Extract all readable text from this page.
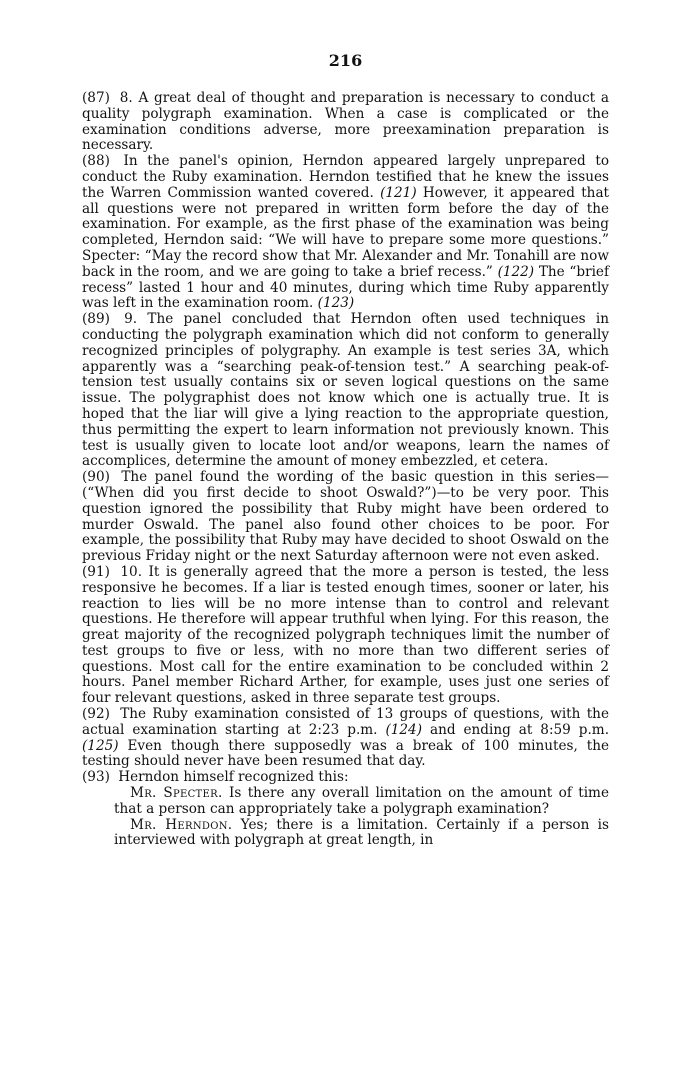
216

(87) 8. A great deal of thought and preparation is necessary to conduct a quality polygraph examination. When a case is complicated or the examination conditions adverse, more preexamination preparation is necessary.

(88) In the panel's opinion, Herndon appeared largely unprepared to conduct the Ruby examination. Herndon testified that he knew the issues the Warren Commission wanted covered. (121) However, it appeared that all questions were not prepared in written form before the day of the examination. For example, as the first phase of the examination was being completed, Herndon said: “We will have to prepare some more questions.” Specter: “May the record show that Mr. Alexander and Mr. Tonahill are now back in the room, and we are going to take a brief recess.” (122) The “brief recess” lasted 1 hour and 40 minutes, during which time Ruby apparently was left in the examination room. (123)

(89) 9. The panel concluded that Herndon often used techniques in conducting the polygraph examination which did not conform to generally recognized principles of polygraphy. An example is test series 3A, which apparently was a “searching peak-of-tension test.” A searching peak-of-tension test usually contains six or seven logical questions on the same issue. The polygraphist does not know which one is actually true. It is hoped that the liar will give a lying reaction to the appropriate question, thus permitting the expert to learn information not previously known. This test is usually given to locate loot and/or weapons, learn the names of accomplices, determine the amount of money embezzled, et cetera.

(90) The panel found the wording of the basic question in this series—(“When did you first decide to shoot Oswald?”)—to be very poor. This question ignored the possibility that Ruby might have been ordered to murder Oswald. The panel also found other choices to be poor. For example, the possibility that Ruby may have decided to shoot Oswald on the previous Friday night or the next Saturday afternoon were not even asked.

(91) 10. It is generally agreed that the more a person is tested, the less responsive he becomes. If a liar is tested enough times, sooner or later, his reaction to lies will be no more intense than to control and relevant questions. He therefore will appear truthful when lying. For this reason, the great majority of the recognized polygraph techniques limit the number of test groups to five or less, with no more than two different series of questions. Most call for the entire examination to be concluded within 2 hours. Panel member Richard Arther, for example, uses just one series of four relevant questions, asked in three separate test groups.

(92) The Ruby examination consisted of 13 groups of questions, with the actual examination starting at 2:23 p.m. (124) and ending at 8:59 p.m. (125) Even though there supposedly was a break of 100 minutes, the testing should never have been resumed that day.

(93) Herndon himself recognized this:

Mr. Specter. Is there any overall limitation on the amount of time that a person can appropriately take a polygraph examination?

Mr. Herndon. Yes; there is a limitation. Certainly if a person is interviewed with polygraph at great length, in
